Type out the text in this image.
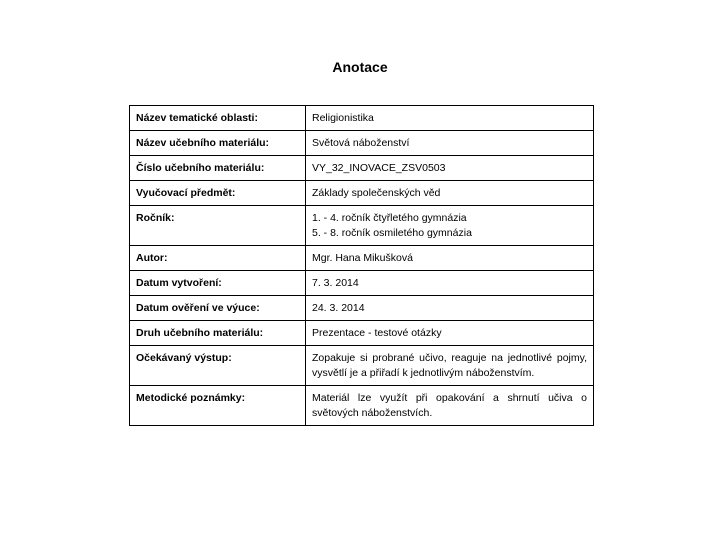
Anotace
Název tematické oblasti:	Religionistika
Název učebního materiálu:	Světová náboženství
Číslo učebního materiálu:	VY_32_INOVACE_ZSV0503
Vyučovací předmět:	Základy společenských věd
Ročník:	1. - 4. ročník čtyřletého gymnázia
5. - 8. ročník osmiletého gymnázia

Autor:	Mgr. Hana Mikušková
Datum vytvoření:	7. 3. 2014
Datum ověření ve výuce:	24. 3. 2014
Druh učebního materiálu:	Prezentace - testové otázky
Očekávaný výstup:	Zopakuje si probrané učivo, reaguje na jednotlivé pojmy, vysvětlí je a přiřadí k jednotlivým náboženstvím.
Metodické poznámky:	Materiál lze využít při opakování a shrnutí učiva o světových náboženstvích.
